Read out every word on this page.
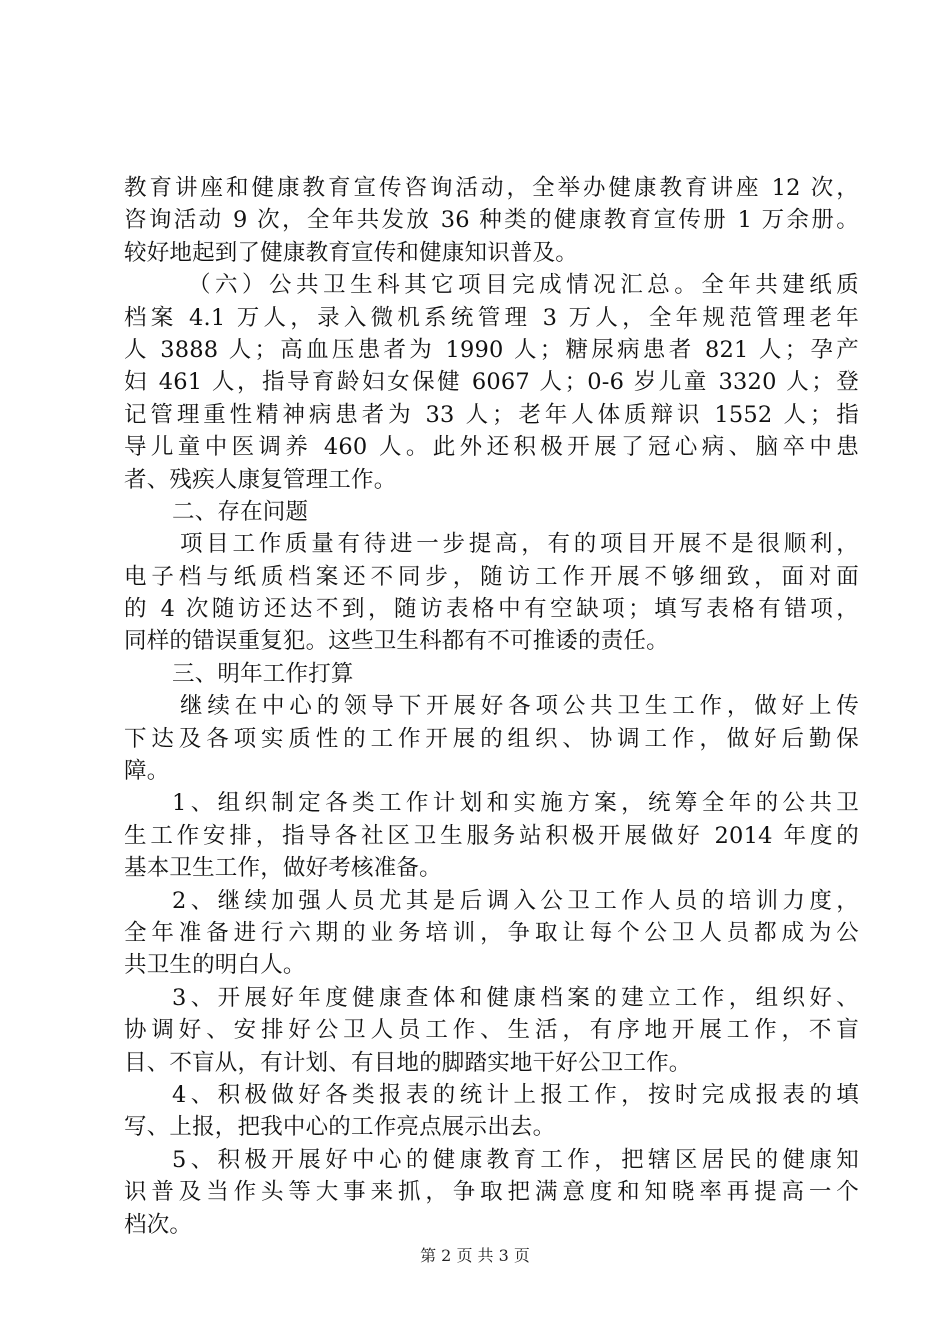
教育讲座和健康教育宣传咨询活动，全举办健康教育讲座 12 次，
咨询活动 9 次，全年共发放 36 种类的健康教育宣传册 1 万余册。
较好地起到了健康教育宣传和健康知识普及。
（六）公共卫生科其它项目完成情况汇总。全年共建纸质
档案 4.1 万人，录入微机系统管理 3 万人，全年规范管理老年
人 3888 人；高血压患者为 1990 人；糖尿病患者 821 人；孕产
妇 461 人，指导育龄妇女保健 6067 人；0-6 岁儿童 3320 人；登
记管理重性精神病患者为 33 人；老年人体质辩识 1552 人；指
导儿童中医调养 460 人。此外还积极开展了冠心病、脑卒中患
者、残疾人康复管理工作。
二、存在问题
项目工作质量有待进一步提高，有的项目开展不是很顺利，
电子档与纸质档案还不同步，随访工作开展不够细致，面对面
的 4 次随访还达不到，随访表格中有空缺项；填写表格有错项，
同样的错误重复犯。这些卫生科都有不可推诿的责任。
三、明年工作打算
继续在中心的领导下开展好各项公共卫生工作，做好上传
下达及各项实质性的工作开展的组织、协调工作，做好后勤保
障。
1、组织制定各类工作计划和实施方案，统筹全年的公共卫
生工作安排，指导各社区卫生服务站积极开展做好 2014 年度的
基本卫生工作，做好考核准备。
2、继续加强人员尤其是后调入公卫工作人员的培训力度，
全年准备进行六期的业务培训，争取让每个公卫人员都成为公
共卫生的明白人。
3、开展好年度健康查体和健康档案的建立工作，组织好、
协调好、安排好公卫人员工作、生活，有序地开展工作，不盲
目、不盲从，有计划、有目地的脚踏实地干好公卫工作。
4、积极做好各类报表的统计上报工作，按时完成报表的填
写、上报，把我中心的工作亮点展示出去。
5、积极开展好中心的健康教育工作，把辖区居民的健康知
识普及当作头等大事来抓，争取把满意度和知晓率再提高一个
档次。
第 2 页 共 3 页
